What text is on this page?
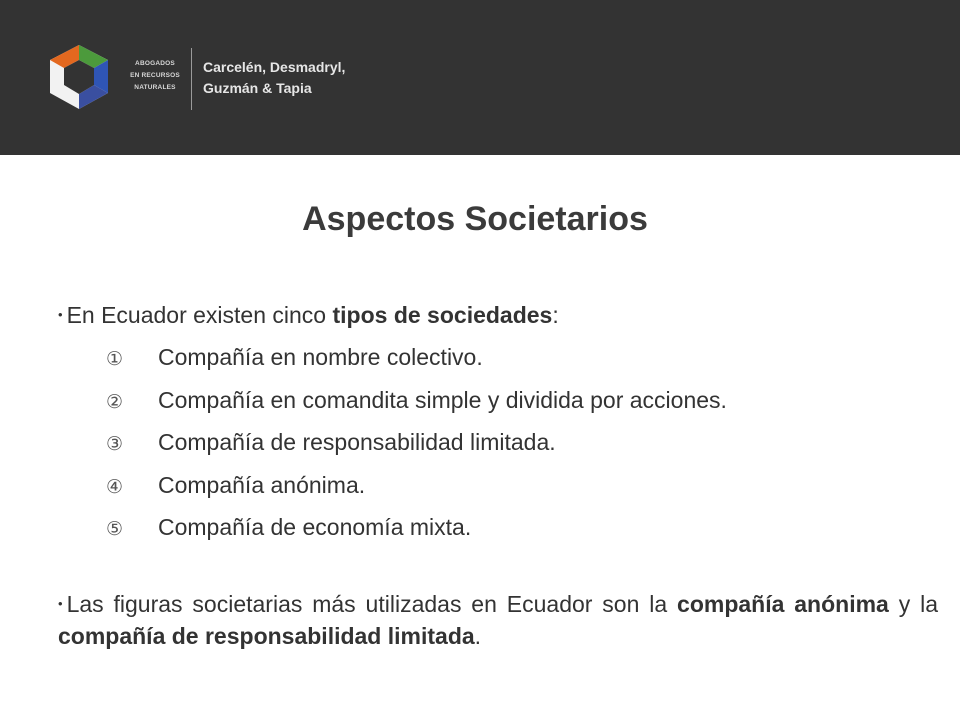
ABOGADOS
EN RECURSOS
NATURALES
Carcelén, Desmadryl,
Guzmán & Tapia
Aspectos Societarios

• En Ecuador existen cinco tipos de sociedades:

① Compañía en nombre colectivo.
② Compañía en comandita simple y dividida por acciones.
③ Compañía de responsabilidad limitada.
④ Compañía anónima.
⑤ Compañía de economía mixta.

• Las figuras societarias más utilizadas en Ecuador son la compañía anónima y la compañía de responsabilidad limitada.
